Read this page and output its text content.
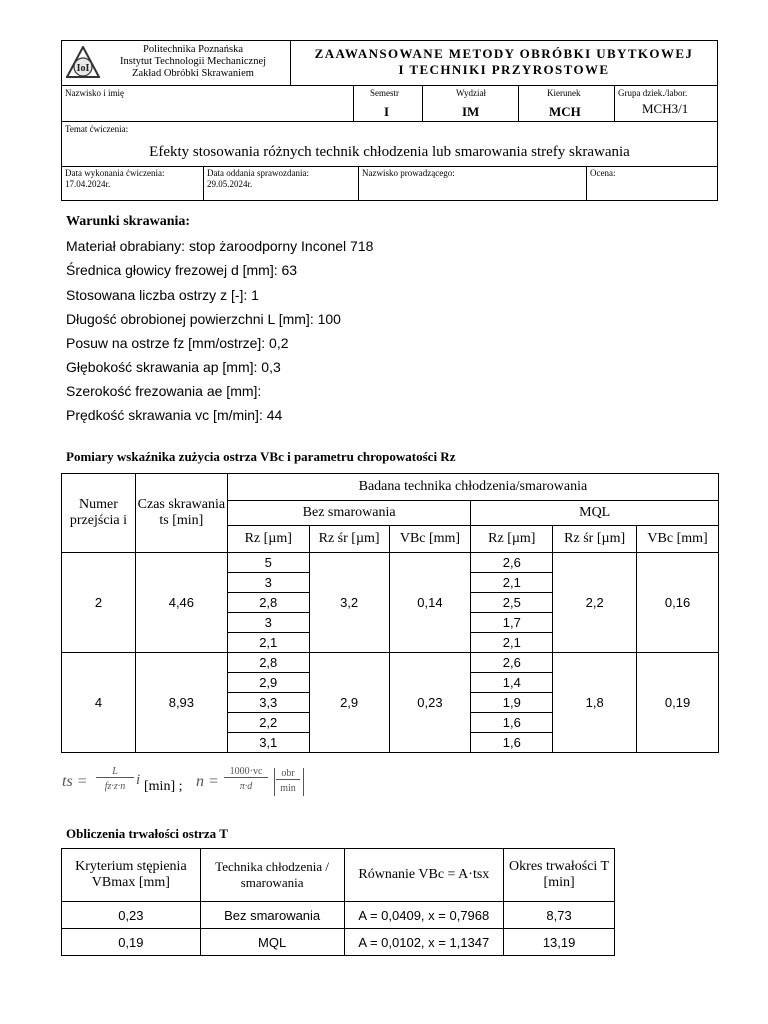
IoI
Politechnika Poznańska
Instytut Technologii Mechanicznej
Zakład Obróbki Skrawaniem
ZAAWANSOWANE METODY OBRÓBKI UBYTKOWEJ
I TECHNIKI PRZYROSTOWE
Nazwisko i imię	Semestr
I
Wydział
IM
Kierunek
MCH
Grupa dziek./labor.
MCH3/1
Temat ćwiczenia:
Efekty stosowania różnych technik chłodzenia lub smarowania strefy skrawania
Data wykonania ćwiczenia:
17.04.2024r.
Data oddania sprawozdania:
29.05.2024r.
Nazwisko prowadzącego:	Ocena:
Warunki skrawania:
Materiał obrabiany: stop żaroodporny Inconel 718
Średnica głowicy frezowej d [mm]: 63
Stosowana liczba ostrzy z [-]: 1
Długość obrobionej powierzchni L [mm]: 100
Posuw na ostrze fz [mm/ostrze]: 0,2
Głębokość skrawania ap [mm]: 0,3
Szerokość frezowania ae [mm]:
Prędkość skrawania vc [m/min]: 44
Pomiary wskaźnika zużycia ostrza VBc i parametru chropowatości Rz
Numer przejścia i	Czas skrawania ts [min]	Badana technika chłodzenia/smarowania					
		Bez smarowania			MQL		
		Rz [µm]	Rz śr [µm]	VBc [mm]	Rz [µm]	Rz śr [µm]	VBc [mm]
2	4,46	5	3,2	0,14	2,6	2,2	0,16
		3			2,1		
		2,8			2,5		
		3			1,7		
		2,1			2,1		
4	8,93	2,8	2,9	0,23	2,6	1,8	0,19
		2,9			1,4		
		3,3			1,9		
		2,2			1,6		
		3,1			1,6		
ts =
L
fz·z·n i [min] ; n =
1000·vc
π·d
obr
min
Obliczenia trwałości ostrza T
Kryterium stępienia VBmax [mm]	Technika chłodzenia / smarowania	Równanie VBc = A·tsx	Okres trwałości T [min]
0,23	Bez smarowania	A = 0,0409, x = 0,7968	8,73
0,19	MQL	A = 0,0102, x = 1,1347	13,19
